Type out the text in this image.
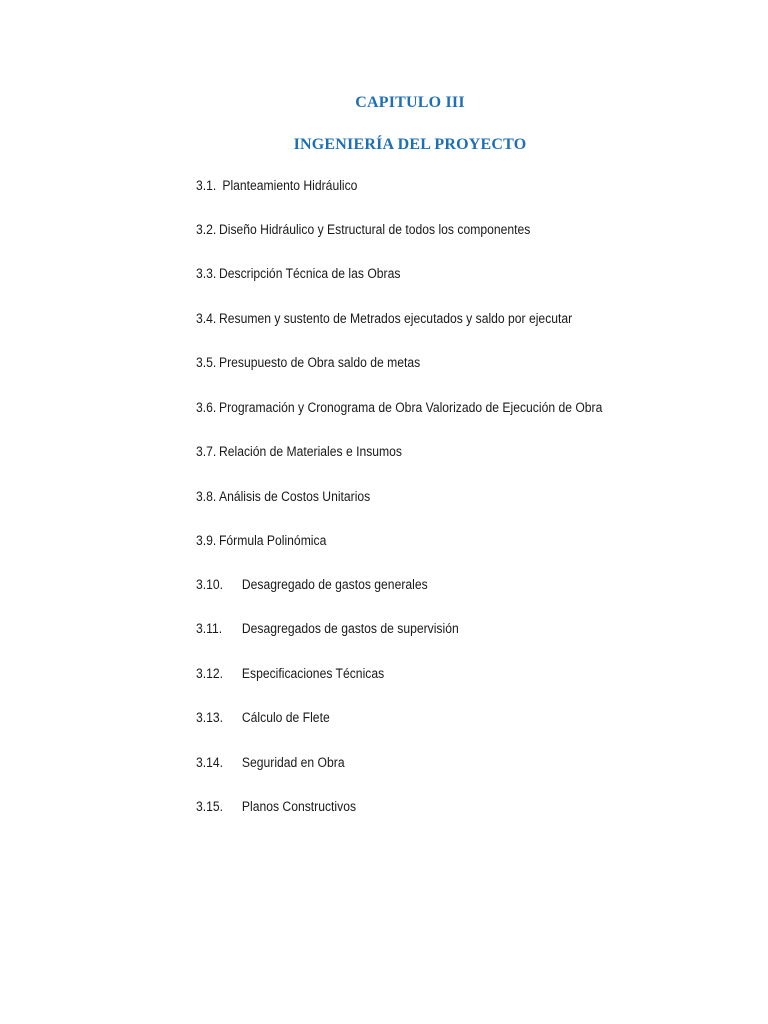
CAPITULO III
INGENIERÍA DEL PROYECTO
3.1. Planteamiento Hidráulico
3.2. Diseño Hidráulico y Estructural de todos los componentes
3.3. Descripción Técnica de las Obras
3.4. Resumen y sustento de Metrados ejecutados y saldo por ejecutar
3.5. Presupuesto de Obra saldo de metas
3.6. Programación y Cronograma de Obra Valorizado de Ejecución de Obra
3.7. Relación de Materiales e Insumos
3.8. Análisis de Costos Unitarios
3.9. Fórmula Polinómica
3.10. Desagregado de gastos generales
3.11. Desagregados de gastos de supervisión
3.12. Especificaciones Técnicas
3.13. Cálculo de Flete
3.14. Seguridad en Obra
3.15. Planos Constructivos
